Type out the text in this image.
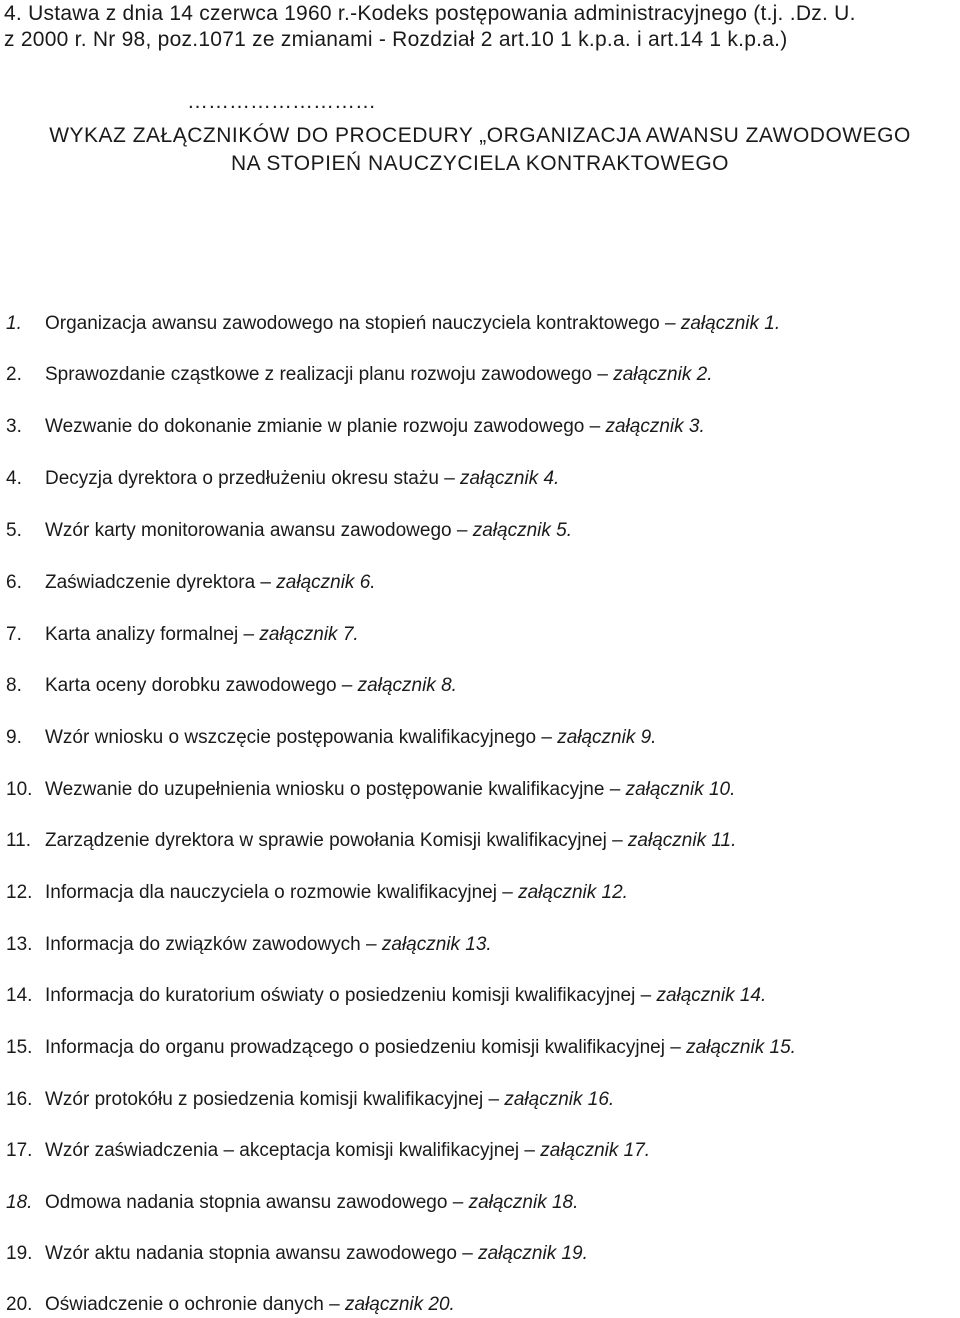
4. Ustawa z dnia 14 czerwca 1960 r.-Kodeks postępowania administracyjnego (t.j. .Dz. U.
z 2000 r. Nr 98, poz.1071 ze zmianami - Rozdział 2 art.10 1 k.p.a. i art.14 1 k.p.a.)
………………………
WYKAZ ZAŁĄCZNIKÓW DO PROCEDURY „ORGANIZACJA AWANSU ZAWODOWEGO
NA STOPIEŃ NAUCZYCIELA KONTRAKTOWEGO
1. Organizacja awansu zawodowego na stopień nauczyciela kontraktowego – załącznik 1.
2. Sprawozdanie cząstkowe z realizacji planu rozwoju zawodowego – załącznik 2.
3. Wezwanie do dokonanie zmianie w planie rozwoju zawodowego – załącznik 3.
4. Decyzja dyrektora o przedłużeniu okresu stażu – załącznik 4.
5. Wzór karty monitorowania awansu zawodowego – załącznik 5.
6. Zaświadczenie dyrektora – załącznik 6.
7. Karta analizy formalnej – załącznik 7.
8. Karta oceny dorobku zawodowego – załącznik 8.
9. Wzór wniosku o wszczęcie postępowania kwalifikacyjnego – załącznik 9.
10. Wezwanie do uzupełnienia wniosku o postępowanie kwalifikacyjne – załącznik 10.
11. Zarządzenie dyrektora w sprawie powołania Komisji kwalifikacyjnej – załącznik 11.
12. Informacja dla nauczyciela o rozmowie kwalifikacyjnej – załącznik 12.
13. Informacja do związków zawodowych – załącznik 13.
14. Informacja do kuratorium oświaty o posiedzeniu komisji kwalifikacyjnej – załącznik 14.
15. Informacja do organu prowadzącego o posiedzeniu komisji kwalifikacyjnej – załącznik 15.
16. Wzór protokółu z posiedzenia komisji kwalifikacyjnej – załącznik 16.
17. Wzór zaświadczenia – akceptacja komisji kwalifikacyjnej – załącznik 17.
18. Odmowa nadania stopnia awansu zawodowego – załącznik 18.
19. Wzór aktu nadania stopnia awansu zawodowego – załącznik 19.
20. Oświadczenie o ochronie danych – załącznik 20.
